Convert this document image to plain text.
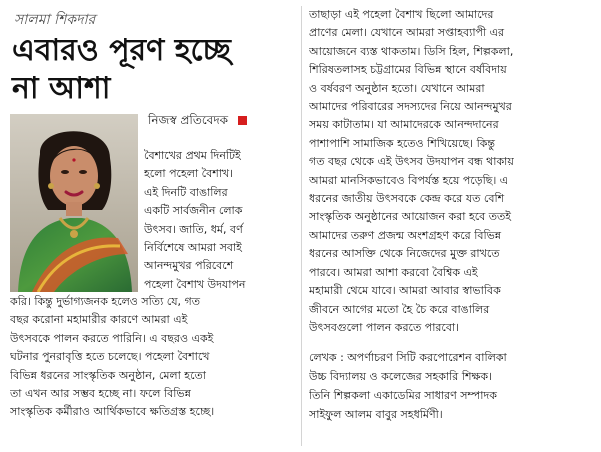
সালমা শিকদার
এবারও পূরণ হচ্ছে
না আশা
নিজস্ব প্রতিবেদক
বৈশাখের প্রথম দিনটিই
হলো পহেলা বৈশাখ।
এই দিনটি বাঙালির
একটি সার্বজনীন লোক
উৎসব। জাতি, ধর্ম, বর্ণ
নির্বিশেষে আমরা সবাই
আনন্দমুখর পরিবেশে
পহেলা বৈশাখ উদযাপন
করি। কিন্তু দুর্ভাগ্যজনক হলেও সত্যি যে, গত
বছর করোনা মহামারীর কারণে আমরা এই
উৎসবকে পালন করতে পারিনি। এ বছরও একই
ঘটনার পুনরাবৃত্তি হতে চলেছে। পহেলা বৈশাখে
বিভিন্ন ধরনের সাংস্কৃতিক অনুষ্ঠান, মেলা হতো
তা এখন আর সম্ভব হচ্ছে না। ফলে বিভিন্ন
সাংস্কৃতিক কর্মীরাও আর্থিকভাবে ক্ষতিগ্রস্ত হচ্ছে।
তাছাড়া এই পহেলা বৈশাখ ছিলো আমাদের
প্রাণের মেলা। যেখানে আমরা সপ্তাহব্যাপী এর
আয়োজনে ব্যস্ত থাকতাম। ডিসি হিল, শিল্পকলা,
শিরিষতলাসহ চট্টগ্রামের বিভিন্ন স্থানে বর্ষবিদায়
ও বর্ষবরণ অনুষ্ঠান হতো। যেখানে আমরা
আমাদের পরিবারের সদস্যদের নিয়ে আনন্দমুখর
সময় কাটাতাম। যা আমাদেরকে আনন্দদানের
পাশাপাশি সামাজিক হতেও শিখিয়েছে। কিন্তু
গত বছর থেকে এই উৎসব উদযাপন বন্ধ থাকায়
আমরা মানসিকভাবেও বিপর্যস্ত হয়ে পড়েছি। এ
ধরনের জাতীয় উৎসবকে কেন্দ্র করে যত বেশি
সাংস্কৃতিক অনুষ্ঠানের আয়োজন করা হবে ততই
আমাদের তরুণ প্রজন্ম অংশগ্রহণ করে বিভিন্ন
ধরনের আসক্তি থেকে নিজেদের মুক্ত রাখতে
পারবে। আমরা আশা করবো বৈশ্বিক এই
মহামারী থেমে যাবে। আমরা আবার স্বাভাবিক
জীবনে আগের মতো হৈ চৈ করে বাঙালির
উৎসবগুলো পালন করতে পারবো।
লেখক : অপর্ণাচরণ সিটি করপোরেশন বালিকা
উচ্চ বিদ্যালয় ও কলেজের সহকারি শিক্ষক।
তিনি শিল্পকলা একাডেমির সাধারণ সম্পাদক
সাইফুল আলম বাবুর সহধর্মিণী।
